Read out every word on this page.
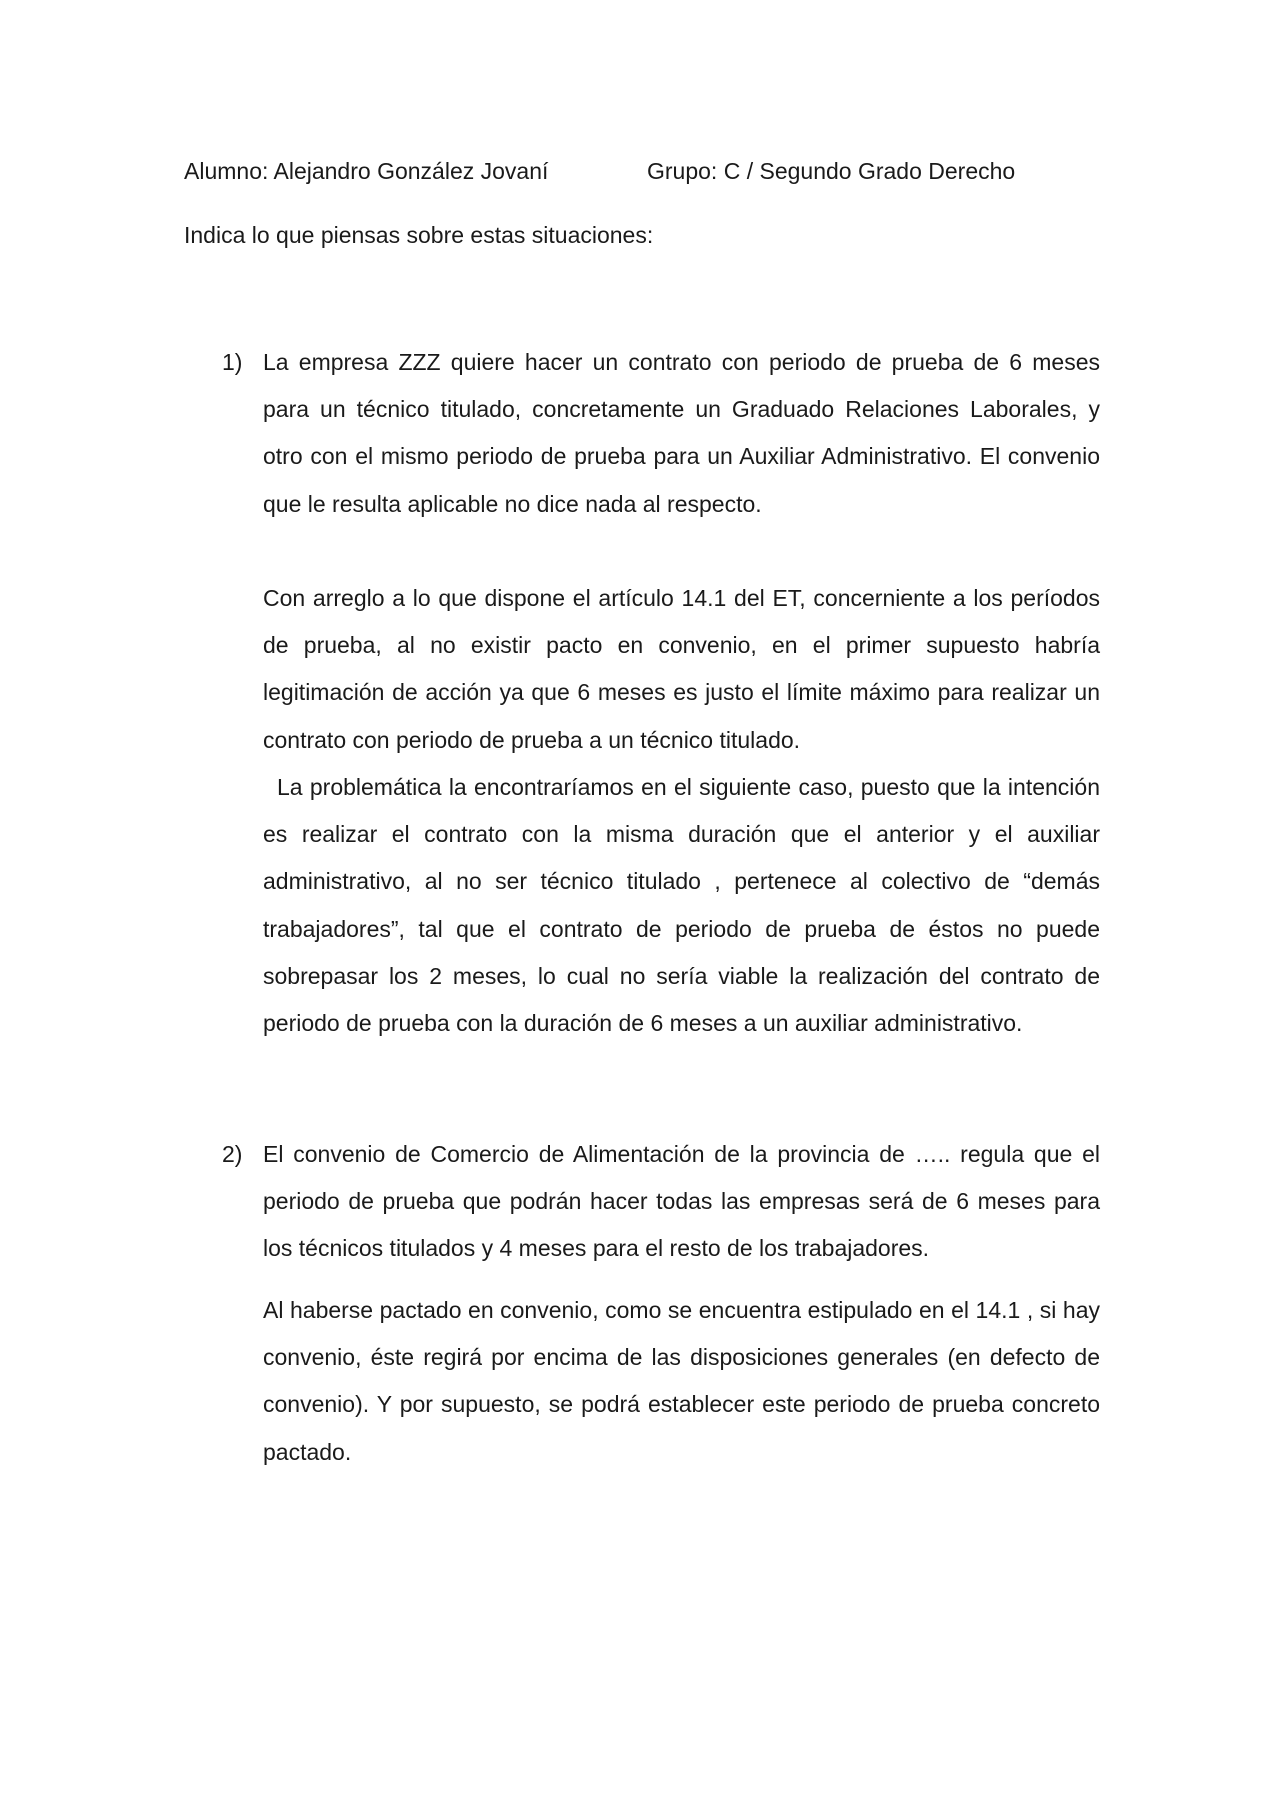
Alumno: Alejandro González Jovaní	Grupo: C / Segundo Grado Derecho
Indica lo que piensas sobre estas situaciones:
1) La empresa ZZZ quiere hacer un contrato con periodo de prueba de 6 meses para un técnico titulado, concretamente un Graduado Relaciones Laborales, y otro con el mismo periodo de prueba para un Auxiliar Administrativo. El convenio que le resulta aplicable no dice nada al respecto.

Con arreglo a lo que dispone el artículo 14.1 del ET, concerniente a los períodos de prueba, al no existir pacto en convenio, en el primer supuesto habría legitimación de acción ya que 6 meses es justo el límite máximo para realizar un contrato con periodo de prueba a un técnico titulado.

La problemática la encontraríamos en el siguiente caso, puesto que la intención es realizar el contrato con la misma duración que el anterior y el auxiliar administrativo, al no ser técnico titulado , pertenece al colectivo de “demás trabajadores”, tal que el contrato de periodo de prueba de éstos no puede sobrepasar los 2 meses, lo cual no sería viable la realización del contrato de periodo de prueba con la duración de 6 meses a un auxiliar administrativo.

2) El convenio de Comercio de Alimentación de la provincia de ….. regula que el periodo de prueba que podrán hacer todas las empresas será de 6 meses para los técnicos titulados y 4 meses para el resto de los trabajadores.

Al haberse pactado en convenio, como se encuentra estipulado en el 14.1 , si hay convenio, éste regirá por encima de las disposiciones generales (en defecto de convenio). Y por supuesto, se podrá establecer este periodo de prueba concreto pactado.
